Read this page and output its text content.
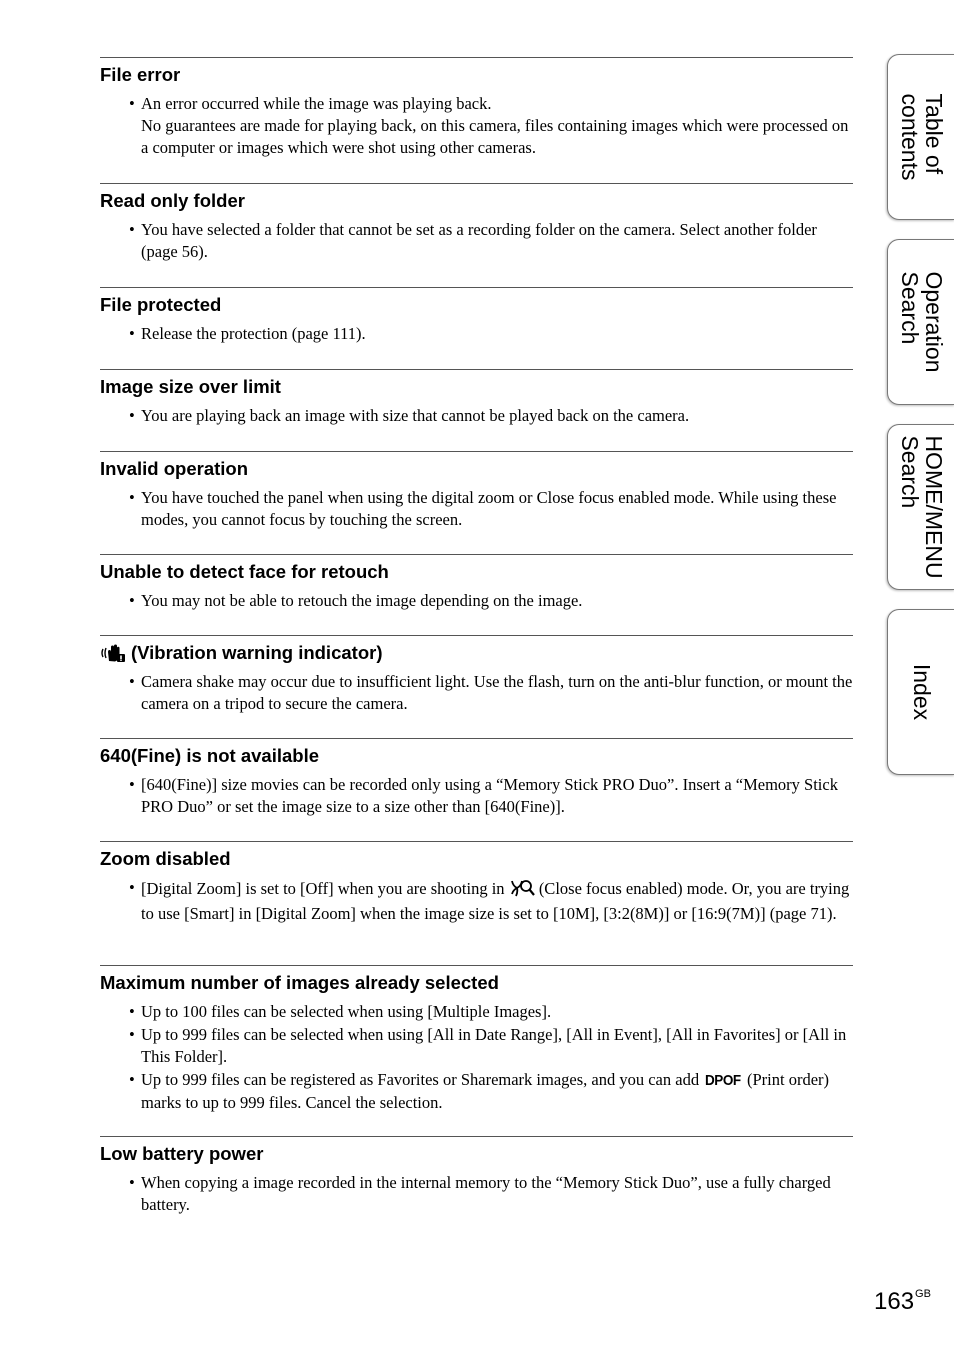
File error
• An error occurred while the image was playing back.
No guarantees are made for playing back, on this camera, files containing images which were processed on a computer or images which were shot using other cameras.
Read only folder
• You have selected a folder that cannot be set as a recording folder on the camera. Select another folder (page 56).
File protected
• Release the protection (page 111).
Image size over limit
• You are playing back an image with size that cannot be played back on the camera.
Invalid operation
• You have touched the panel when using the digital zoom or Close focus enabled mode. While using these modes, you cannot focus by touching the screen.
Unable to detect face for retouch
• You may not be able to retouch the image depending on the image.
(Vibration warning indicator)
• Camera shake may occur due to insufficient light. Use the flash, turn on the anti-blur function, or mount the camera on a tripod to secure the camera.
640(Fine) is not available
• [640(Fine)] size movies can be recorded only using a “Memory Stick PRO Duo”. Insert a “Memory Stick PRO Duo” or set the image size to a size other than [640(Fine)].
Zoom disabled
• [Digital Zoom] is set to [Off] when you are shooting in (Close focus enabled) mode. Or, you are trying to use [Smart] in [Digital Zoom] when the image size is set to [10M], [3:2(8M)] or [16:9(7M)] (page 71).
Maximum number of images already selected
• Up to 100 files can be selected when using [Multiple Images].
• Up to 999 files can be selected when using [All in Date Range], [All in Event], [All in Favorites] or [All in This Folder].
• Up to 999 files can be registered as Favorites or Sharemark images, and you can add DPOF (Print order) marks to up to 999 files. Cancel the selection.
Low battery power
• When copying a image recorded in the internal memory to the “Memory Stick Duo”, use a fully charged battery.
Table of
contents
Operation
Search
HOME/MENU
Search
Index
$163^{GB}$
